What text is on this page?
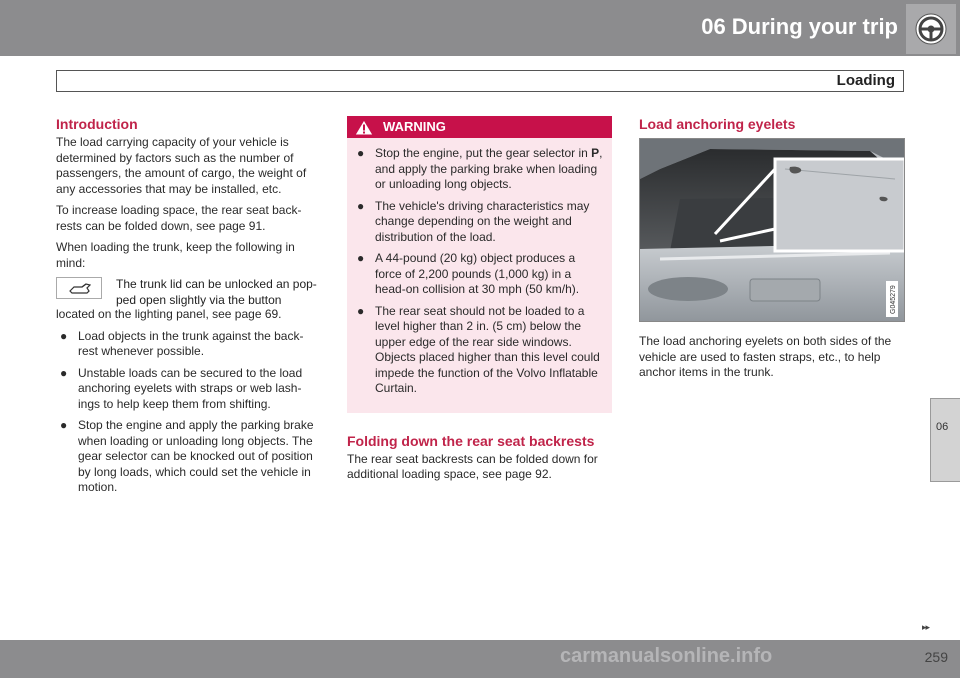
06 During your trip
Loading
06
Introduction

The load carrying capacity of your vehicle is determined by factors such as the number of passengers, the amount of cargo, the weight of any accessories that may be installed, etc.

To increase loading space, the rear seat back-rests can be folded down, see page 91.

When loading the trunk, keep the following in mind:

The trunk lid can be unlocked an pop-ped open slightly via the button

located on the lighting panel, see page 69.

● Load objects in the trunk against the back-rest whenever possible.
● Unstable loads can be secured to the load anchoring eyelets with straps or web lash-ings to help keep them from shifting.
● Stop the engine and apply the parking brake when loading or unloading long objects. The gear selector can be knocked out of position by long loads, which could set the vehicle in motion.
WARNING
● Stop the engine, put the gear selector in P, and apply the parking brake when loading or unloading long objects.
● The vehicle's driving characteristics may change depending on the weight and distribution of the load.
● A 44-pound (20 kg) object produces a force of 2,200 pounds (1,000 kg) in a head-on collision at 30 mph (50 km/h).
● The rear seat should not be loaded to a level higher than 2 in. (5 cm) below the upper edge of the rear side windows. Objects placed higher than this level could impede the function of the Volvo Inflatable Curtain.
Folding down the rear seat backrests

The rear seat backrests can be folded down for additional loading space, see page 92.

Load anchoring eyelets
G045279

The load anchoring eyelets on both sides of the vehicle are used to fasten straps, etc., to help anchor items in the trunk.

carmanualsonline.info
▸▸
259
